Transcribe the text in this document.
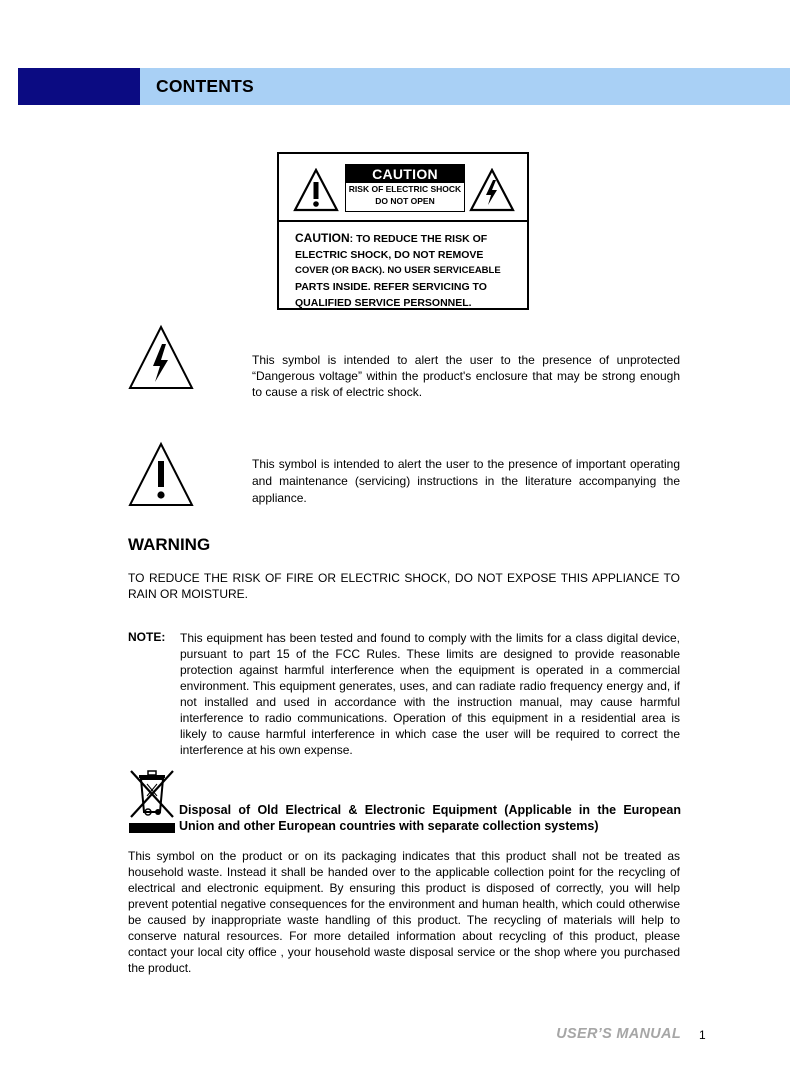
CONTENTS
CAUTION
RISK OF ELECTRIC SHOCK
DO NOT OPEN
CAUTION: TO REDUCE THE RISK OF
ELECTRIC SHOCK, DO NOT REMOVE
COVER (OR BACK). NO USER SERVICEABLE
PARTS INSIDE. REFER SERVICING TO
QUALIFIED SERVICE PERSONNEL.
This symbol is intended to alert the user to the presence of unprotected “Dangerous voltage” within the product's enclosure that may be strong enough to cause a risk of electric shock.
This symbol is intended to alert the user to the presence of important operating and maintenance (servicing) instructions in the literature accompanying the appliance.
WARNING
TO REDUCE THE RISK OF FIRE OR ELECTRIC SHOCK, DO NOT EXPOSE THIS APPLIANCE TO RAIN OR MOISTURE.
NOTE: This equipment has been tested and found to comply with the limits for a class digital device, pursuant to part 15 of the FCC Rules. These limits are designed to provide reasonable protection against harmful interference when the equipment is operated in a commercial environment. This equipment generates, uses, and can radiate radio frequency energy and, if not installed and used in accordance with the instruction manual, may cause harmful interference to radio communications. Operation of this equipment in a residential area is likely to cause harmful interference in which case the user will be required to correct the interference at his own expense.
Disposal of Old Electrical & Electronic Equipment (Applicable in the European Union and other European countries with separate collection systems)
This symbol on the product or on its packaging indicates that this product shall not be treated as household waste. Instead it shall be handed over to the applicable collection point for the recycling of electrical and electronic equipment. By ensuring this product is disposed of correctly, you will help prevent potential negative consequences for the environment and human health, which could otherwise be caused by inappropriate waste handling of this product. The recycling of materials will help to conserve natural resources. For more detailed information about recycling of this product, please contact your local city office , your household waste disposal service or the shop where you purchased the product.
USER’S MANUAL 1
